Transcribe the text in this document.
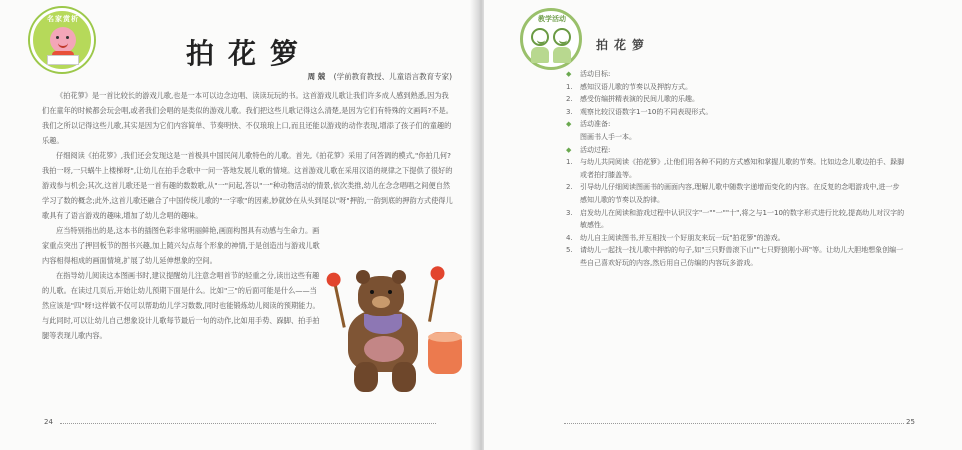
名家赏析
拍花箩
周 兢 (学前教育教授、儿童语言教育专家)

《拍花箩》是一首比较长的游戏儿歌,也是一本可以边念边唱、读读玩玩的书。这首游戏儿歌让我们许多成人感到熟悉,因为我们在童年的时候都会玩会唱,或者我们会唱的是类似的游戏儿歌。我们把这些儿歌记得这么清楚,是因为它们有特殊的文画吗?不是。我们之所以记得这些儿歌,其实是因为它们内容简单、节奏明快、不仅琅琅上口,而且还能以游戏的动作表现,增添了孩子们的童趣的乐趣。

仔细阅读《拍花箩》,我们还会发现这是一首极具中国民间儿歌特色的儿歌。首先,《拍花箩》采用了问答调的模式,"你拍几何?我拍一呀,一只蜗牛上楼梯呀",让幼儿在拍手念歌中一问一答地发展儿歌的情境。这首游戏儿歌在采用汉语的规律之下提供了很好的游戏参与机会;其次,这首儿歌还是一首有趣的数数歌,从"一"问起,答以"一"种动物活动的情景,依次类推,幼儿在念念唱唱之间便自然学习了数的概念;此外,这首儿歌还融合了中国传统儿歌的"一字歌"的因素,妙就妙在从头到尾以"呀"押韵,一韵到底的押韵方式使得儿歌具有了语言游戏的趣味,增加了幼儿念唱的趣味。

应当特别指出的是,这本书的插图色彩非常明丽鲜艳,画面构图具有动感与生命力。画家重点突出了押回板节的图书兴趣,加上随兴勾点每个形象的神情,于是创造出与游戏儿歌内容相得相成的画面情境,扩展了幼儿延伸想象的空间。

在指导幼儿阅读这本图画书时,建议提醒幼儿注意念唱首节的轻重之分,读出这些有趣的儿歌。在读过几页后,开始让幼儿预期下面是什么。比如"三"的后面可能是什么——当然应该是"四"呀!这样做不仅可以帮助幼儿学习数数,同时也能锻炼幼儿阅读的预期能力。与此同时,可以让幼儿自己想象设计儿歌每节最后一句的动作,比如用手势、跺脚、拍手拍腿等表现儿歌内容。

24
教学活动
拍花箩
◆	活动目标:
1.	感知汉语儿歌的节奏以及押韵方式。
2.	感受仿编拼精表演的民间儿歌的乐趣。
3.	观察比较汉语数字1一10的不同表现形式。
◆	活动准备:
图画书人手一本。
◆	活动过程:
1.	与幼儿共同阅读《拍花箩》,让他们用各种不同的方式感知和掌握儿歌的节奏。比如边念儿歌边拍手、跺脚或者拍打膝盖等。
2.	引导幼儿仔细阅读图画书的画面内容,理解儿歌中随数字递增而变化的内容。在反复的念唱游戏中,进一步感知儿歌的节奏以及韵律。
3.	启发幼儿在阅读和游戏过程中认识汉字"一""一""十",将之与1一10的数字形式进行比较,提高幼儿对汉字的敏感性。
4.	幼儿自主阅读图书,并互相找一个好朋友来玩一玩"拍花箩"的游戏。
5.	请幼儿一起找一找儿歌中押韵的句子,如"三只野兽滚下山""七只野狼刚小珥"等。让幼儿大胆地想象创编一些自己喜欢好玩的内容,然后用自己仿编的内容玩多游戏。
25
